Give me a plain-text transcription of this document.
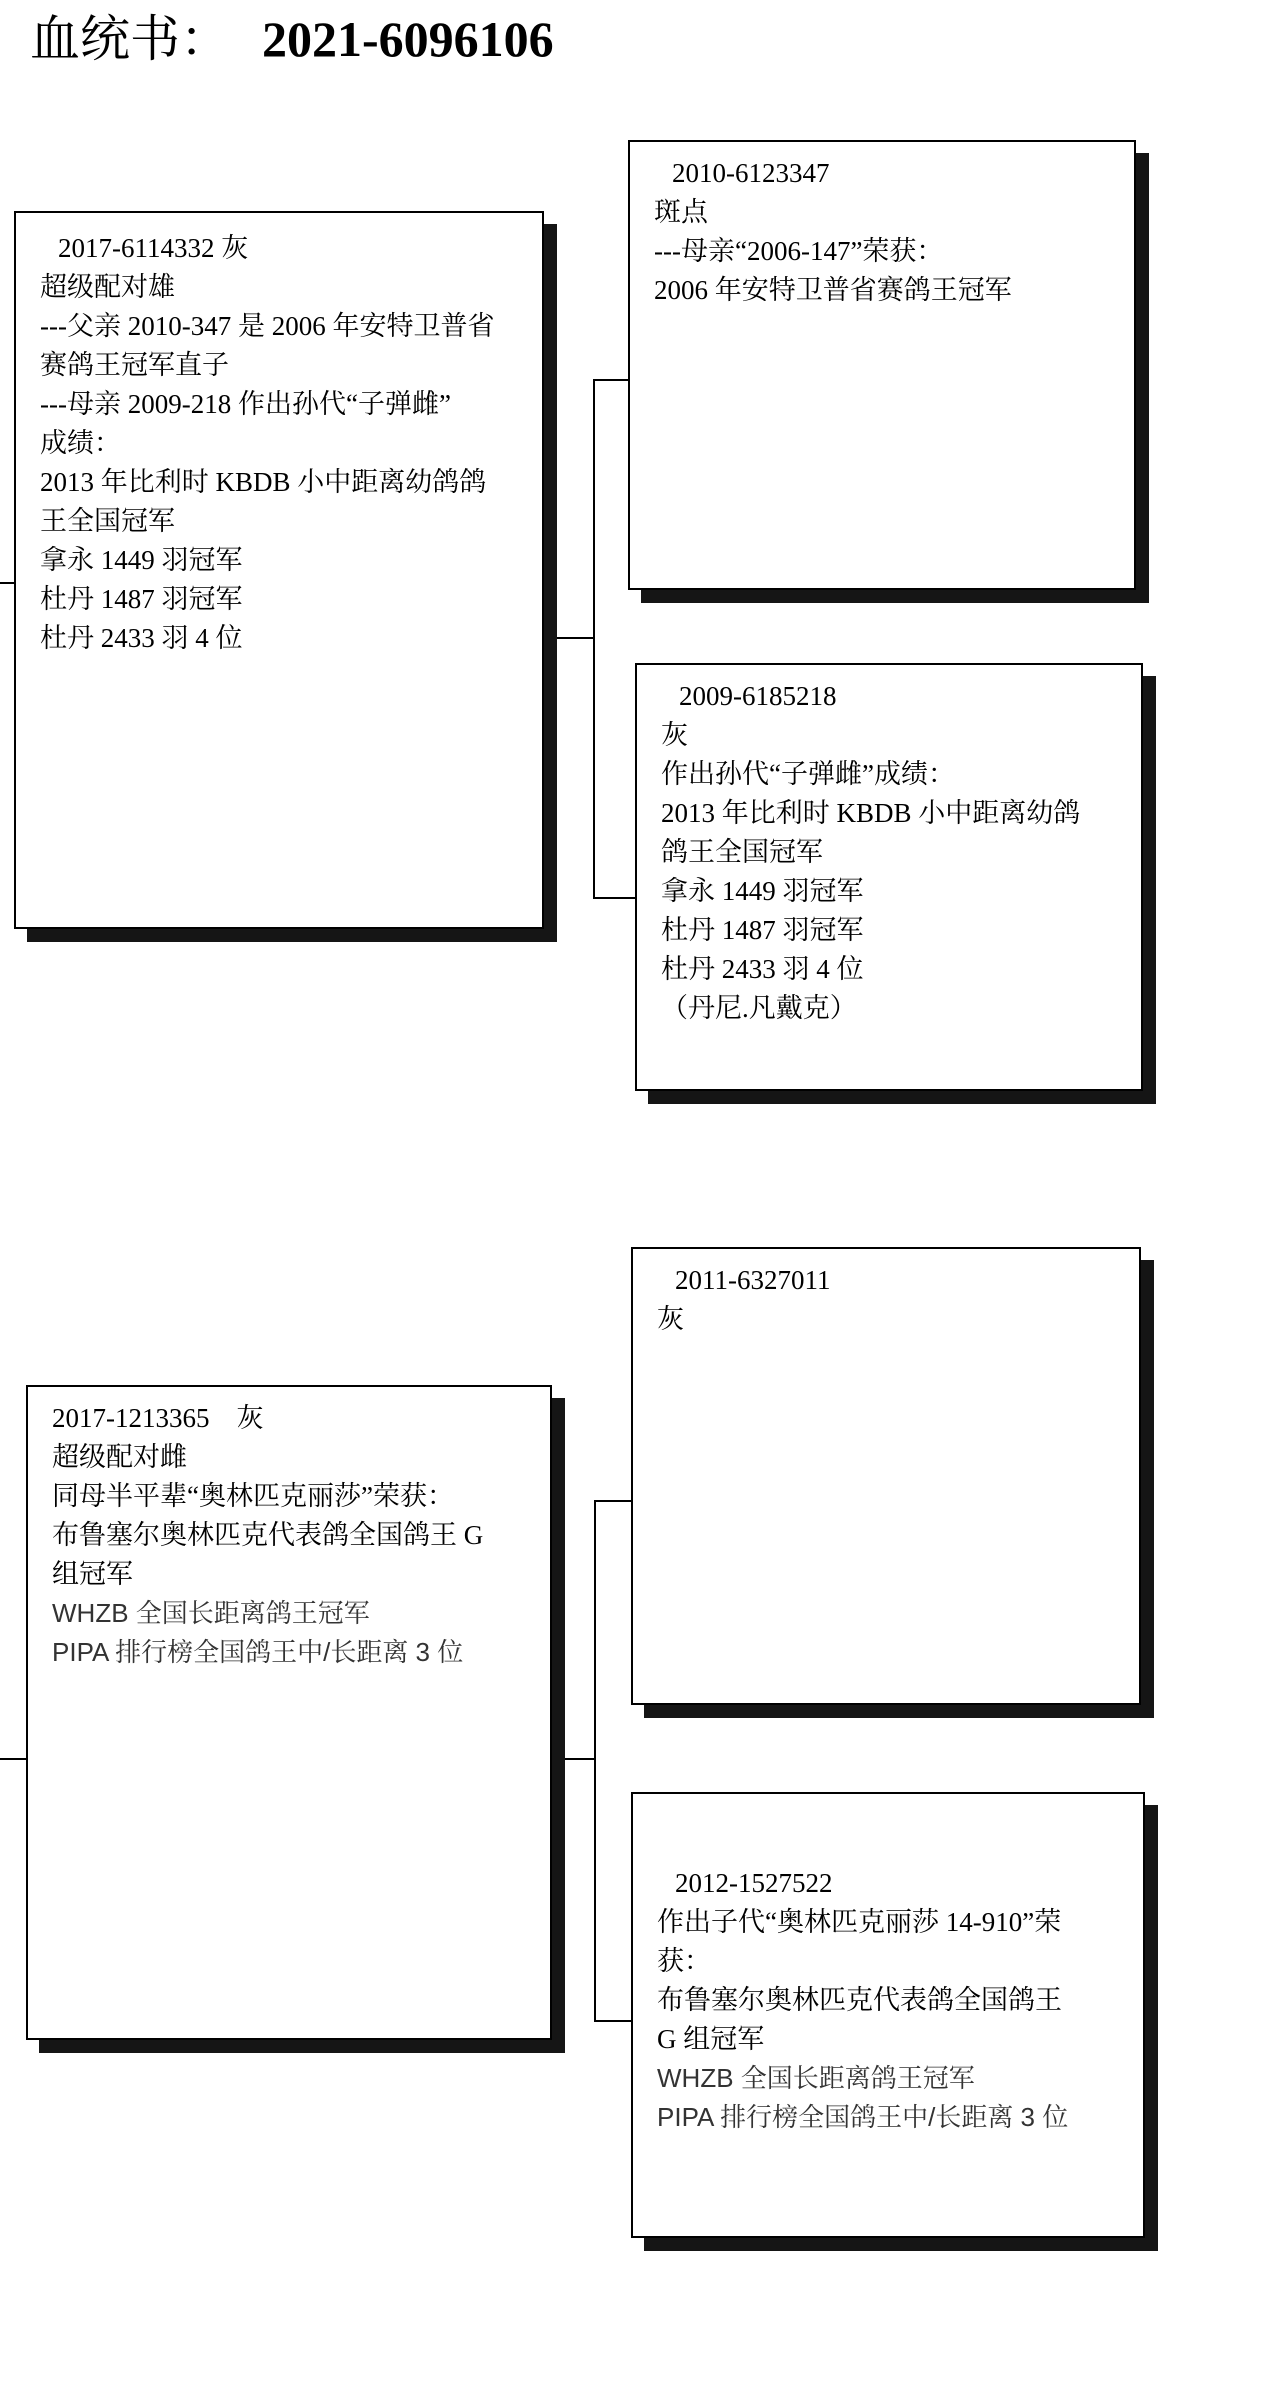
血统书： 2021-6096106
2017-6114332 灰
超级配对雄
---父亲 2010-347 是 2006 年安特卫普省
赛鸽王冠军直子
---母亲 2009-218 作出孙代“子弹雌”
成绩：
2013 年比利时 KBDB 小中距离幼鸽鸽
王全国冠军
拿永 1449 羽冠军
杜丹 1487 羽冠军
杜丹 2433 羽 4 位
2010-6123347
斑点
---母亲“2006-147”荣获：
2006 年安特卫普省赛鸽王冠军
2009-6185218
灰
作出孙代“子弹雌”成绩：
2013 年比利时 KBDB 小中距离幼鸽
鸽王全国冠军
拿永 1449 羽冠军
杜丹 1487 羽冠军
杜丹 2433 羽 4 位
（丹尼.凡戴克）
2017-1213365　灰
超级配对雌
同母半平辈“奥林匹克丽莎”荣获：
布鲁塞尔奥林匹克代表鸽全国鸽王 G
组冠军
WHZB 全国长距离鸽王冠军
PIPA 排行榜全国鸽王中/长距离 3 位
2011-6327011
灰
2012-1527522
作出子代“奥林匹克丽莎 14-910”荣
获：
布鲁塞尔奥林匹克代表鸽全国鸽王
G 组冠军
WHZB 全国长距离鸽王冠军
PIPA 排行榜全国鸽王中/长距离 3 位
